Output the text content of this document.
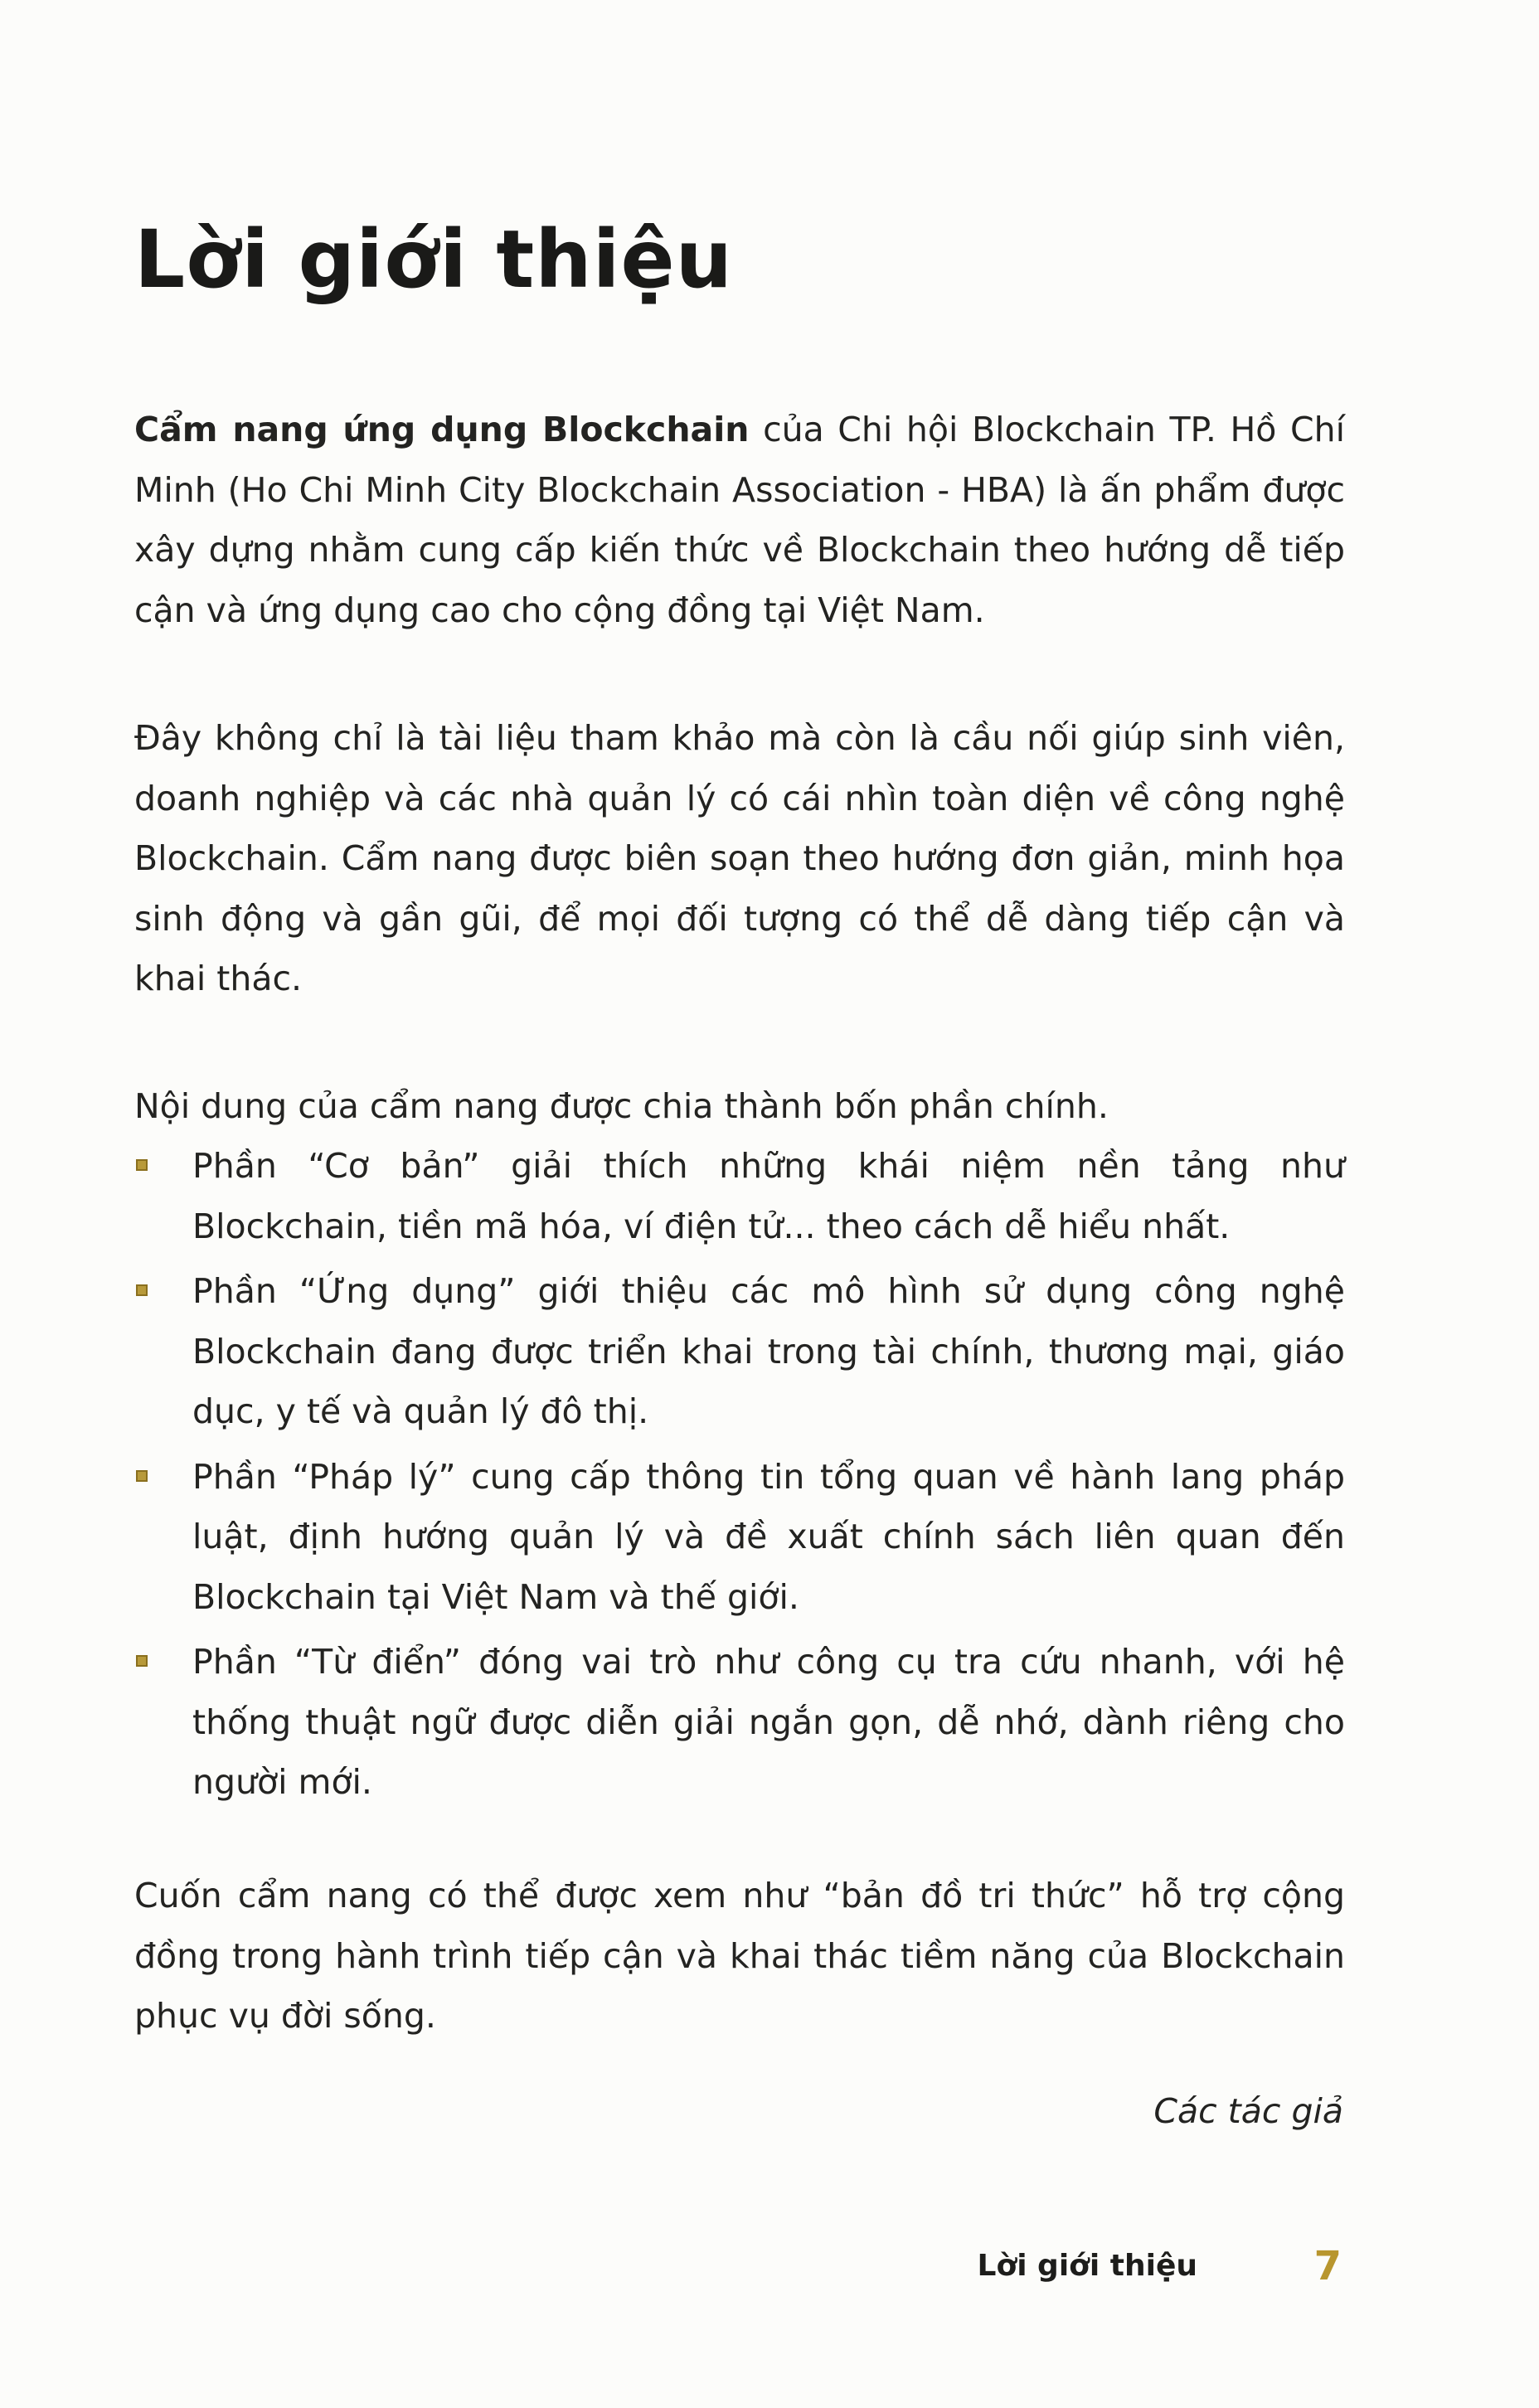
Lời giới thiệu

Cẩm nang ứng dụng Blockchain của Chi hội Blockchain TP. Hồ Chí Minh (Ho Chi Minh City Blockchain Association - HBA) là ấn phẩm được xây dựng nhằm cung cấp kiến thức về Blockchain theo hướng dễ tiếp cận và ứng dụng cao cho cộng đồng tại Việt Nam.

Đây không chỉ là tài liệu tham khảo mà còn là cầu nối giúp sinh viên, doanh nghiệp và các nhà quản lý có cái nhìn toàn diện về công nghệ Blockchain. Cẩm nang được biên soạn theo hướng đơn giản, minh họa sinh động và gần gũi, để mọi đối tượng có thể dễ dàng tiếp cận và khai thác.

Nội dung của cẩm nang được chia thành bốn phần chính.

Phần “Cơ bản” giải thích những khái niệm nền tảng như Blockchain, tiền mã hóa, ví điện tử... theo cách dễ hiểu nhất.
Phần “Ứng dụng” giới thiệu các mô hình sử dụng công nghệ Blockchain đang được triển khai trong tài chính, thương mại, giáo dục, y tế và quản lý đô thị.
Phần “Pháp lý” cung cấp thông tin tổng quan về hành lang pháp luật, định hướng quản lý và đề xuất chính sách liên quan đến Blockchain tại Việt Nam và thế giới.
Phần “Từ điển” đóng vai trò như công cụ tra cứu nhanh, với hệ thống thuật ngữ được diễn giải ngắn gọn, dễ nhớ, dành riêng cho người mới.

Cuốn cẩm nang có thể được xem như “bản đồ tri thức” hỗ trợ cộng đồng trong hành trình tiếp cận và khai thác tiềm năng của Blockchain phục vụ đời sống.

Các tác giả
Lời giới thiệu	7
